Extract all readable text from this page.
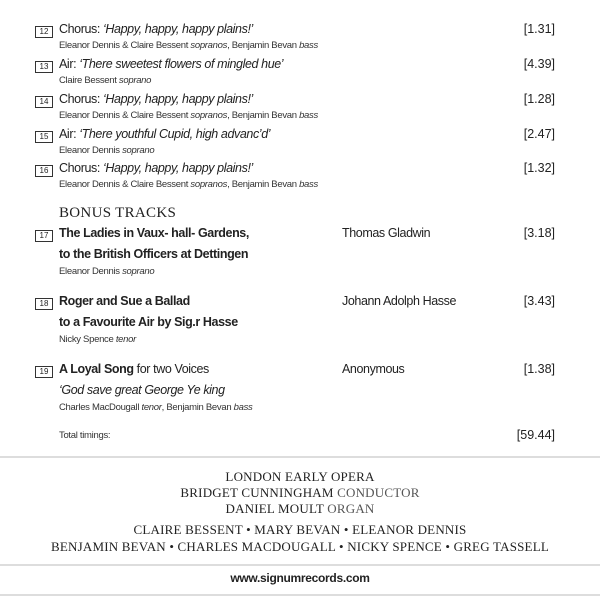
12 Chorus: ‘Happy, happy, happy plains!’
Eleanor Dennis & Claire Bessent sopranos, Benjamin Bevan bass
[1.31]
13 Air: ‘There sweetest flowers of mingled hue’
Claire Bessent soprano
[4.39]
14 Chorus: ‘Happy, happy, happy plains!’
Eleanor Dennis & Claire Bessent sopranos, Benjamin Bevan bass
[1.28]
15 Air: ‘There youthful Cupid, high advanc’d’
Eleanor Dennis soprano
[2.47]
16 Chorus: ‘Happy, happy, happy plains!’
Eleanor Dennis & Claire Bessent sopranos, Benjamin Bevan bass
[1.32]
BONUS TRACKS
17 The Ladies in Vaux- hall- Gardens,
to the British Officers at Dettingen
Eleanor Dennis soprano
Thomas Gladwin	[3.18]
18 Roger and Sue a Ballad
to a Favourite Air by Sig.r Hasse
Nicky Spence tenor
Johann Adolph Hasse	[3.43]
19 A Loyal Song for two Voices
‘God save great George Ye king
Charles MacDougall tenor, Benjamin Bevan bass
Anonymous	[1.38]
Total timings:	[59.44]
LONDON EARLY OPERA
BRIDGET CUNNINGHAM CONDUCTOR
DANIEL MOULT ORGAN
CLAIRE BESSENT • MARY BEVAN • ELEANOR DENNIS
BENJAMIN BEVAN • CHARLES MACDOUGALL • NICKY SPENCE • GREG TASSELL
www.signumrecords.com
